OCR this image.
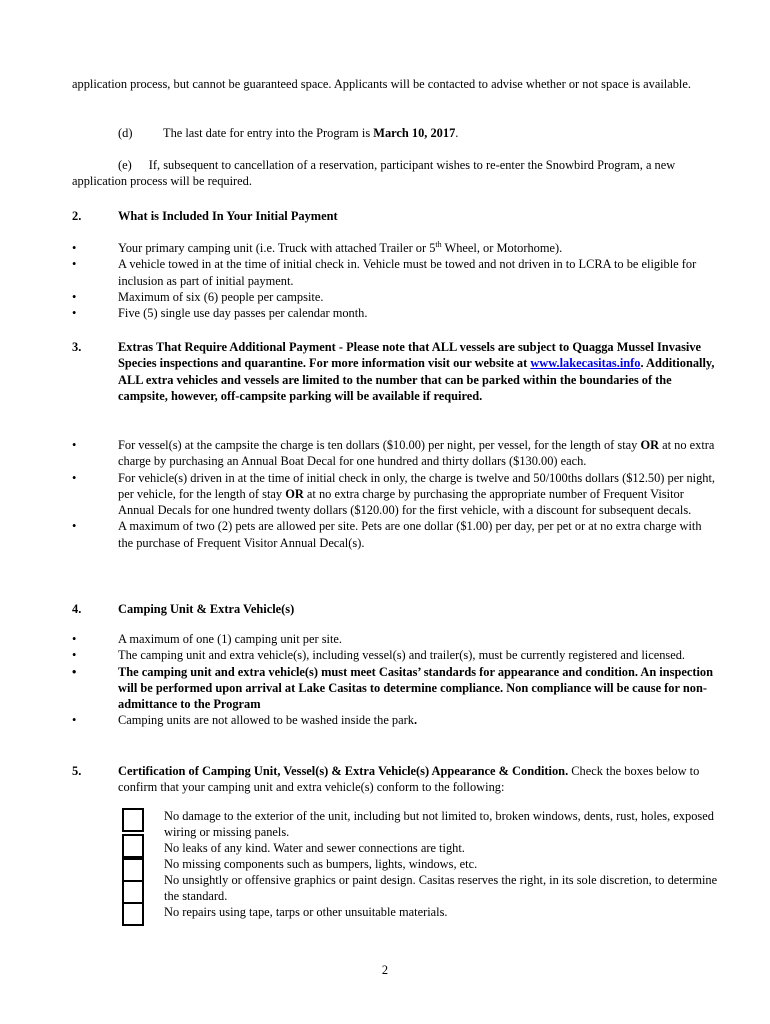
application process, but cannot be guaranteed space. Applicants will be contacted to advise whether or not space is available.
(d) The last date for entry into the Program is March 10, 2017.
(e) If, subsequent to cancellation of a reservation, participant wishes to re-enter the Snowbird Program, a new application process will be required.
2.	What is Included In Your Initial Payment
• Your primary camping unit (i.e. Truck with attached Trailer or 5th Wheel, or Motorhome).
• A vehicle towed in at the time of initial check in. Vehicle must be towed and not driven in to LCRA to be eligible for inclusion as part of initial payment.
• Maximum of six (6) people per campsite.
• Five (5) single use day passes per calendar month.
3.	Extras That Require Additional Payment - Please note that ALL vessels are subject to Quagga Mussel Invasive Species inspections and quarantine. For more information visit our website at www.lakecasitas.info. Additionally, ALL extra vehicles and vessels are limited to the number that can be parked within the boundaries of the campsite, however, off-campsite parking will be available if required.
• For vessel(s) at the campsite the charge is ten dollars ($10.00) per night, per vessel, for the length of stay OR at no extra charge by purchasing an Annual Boat Decal for one hundred and thirty dollars ($130.00) each.
• For vehicle(s) driven in at the time of initial check in only, the charge is twelve and 50/100ths dollars ($12.50) per night, per vehicle, for the length of stay OR at no extra charge by purchasing the appropriate number of Frequent Visitor Annual Decals for one hundred twenty dollars ($120.00) for the first vehicle, with a discount for subsequent decals.
• A maximum of two (2) pets are allowed per site. Pets are one dollar ($1.00) per day, per pet or at no extra charge with the purchase of Frequent Visitor Annual Decal(s).
4.	Camping Unit & Extra Vehicle(s)
• A maximum of one (1) camping unit per site.
• The camping unit and extra vehicle(s), including vessel(s) and trailer(s), must be currently registered and licensed.
• The camping unit and extra vehicle(s) must meet Casitas’ standards for appearance and condition. An inspection will be performed upon arrival at Lake Casitas to determine compliance. Non compliance will be cause for non-admittance to the Program
• Camping units are not allowed to be washed inside the park.
5.	Certification of Camping Unit, Vessel(s) & Extra Vehicle(s) Appearance & Condition. Check the boxes below to confirm that your camping unit and extra vehicle(s) conform to the following:
No damage to the exterior of the unit, including but not limited to, broken windows, dents, rust, holes, exposed wiring or missing panels.
No leaks of any kind. Water and sewer connections are tight.
No missing components such as bumpers, lights, windows, etc.
No unsightly or offensive graphics or paint design. Casitas reserves the right, in its sole discretion, to determine the standard.
No repairs using tape, tarps or other unsuitable materials.
2
